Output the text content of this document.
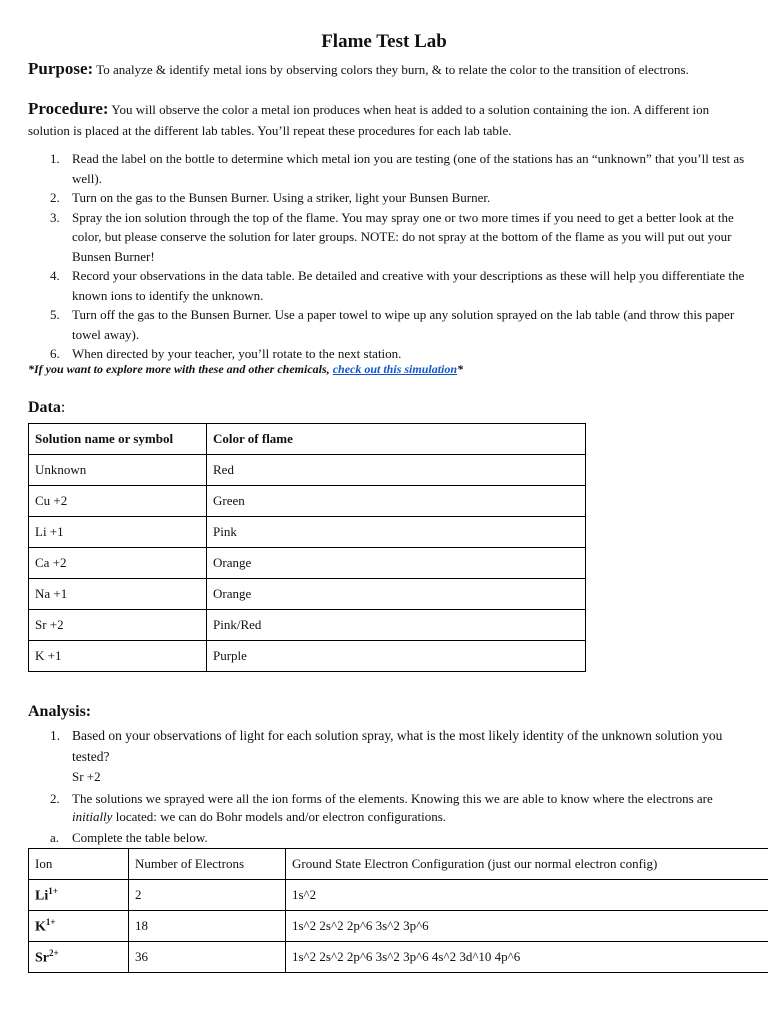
Flame Test Lab
Purpose: To analyze & identify metal ions by observing colors they burn, & to relate the color to the transition of electrons.
Procedure: You will observe the color a metal ion produces when heat is added to a solution containing the ion. A different ion solution is placed at the different lab tables. You’ll repeat these procedures for each lab table.
1. Read the label on the bottle to determine which metal ion you are testing (one of the stations has an “unknown” that you’ll test as well).
2. Turn on the gas to the Bunsen Burner. Using a striker, light your Bunsen Burner.
3. Spray the ion solution through the top of the flame. You may spray one or two more times if you need to get a better look at the color, but please conserve the solution for later groups. NOTE: do not spray at the bottom of the flame as you will put out your Bunsen Burner!
4. Record your observations in the data table. Be detailed and creative with your descriptions as these will help you differentiate the known ions to identify the unknown.
5. Turn off the gas to the Bunsen Burner. Use a paper towel to wipe up any solution sprayed on the lab table (and throw this paper towel away).
6. When directed by your teacher, you’ll rotate to the next station.
*If you want to explore more with these and other chemicals, check out this simulation*
Data:
Solution name or symbol	Color of flame
Unknown	Red
Cu +2	Green
Li +1	Pink
Ca +2	Orange
Na +1	Orange
Sr +2	Pink/Red
K +1	Purple
Analysis:
1. Based on your observations of light for each solution spray, what is the most likely identity of the unknown solution you tested?
Sr +2
2. The solutions we sprayed were all the ion forms of the elements. Knowing this we are able to know where the electrons are initially located: we can do Bohr models and/or electron configurations.
a. Complete the table below.
Ion	Number of Electrons	Ground State Electron Configuration (just our normal electron config)
$Li^{1+}$	2	1s^2
$K^{1+}$	18	1s^2 2s^2 2p^6 3s^2 3p^6
$Sr^{2+}$	36	1s^2 2s^2 2p^6 3s^2 3p^6 4s^2 3d^10 4p^6
